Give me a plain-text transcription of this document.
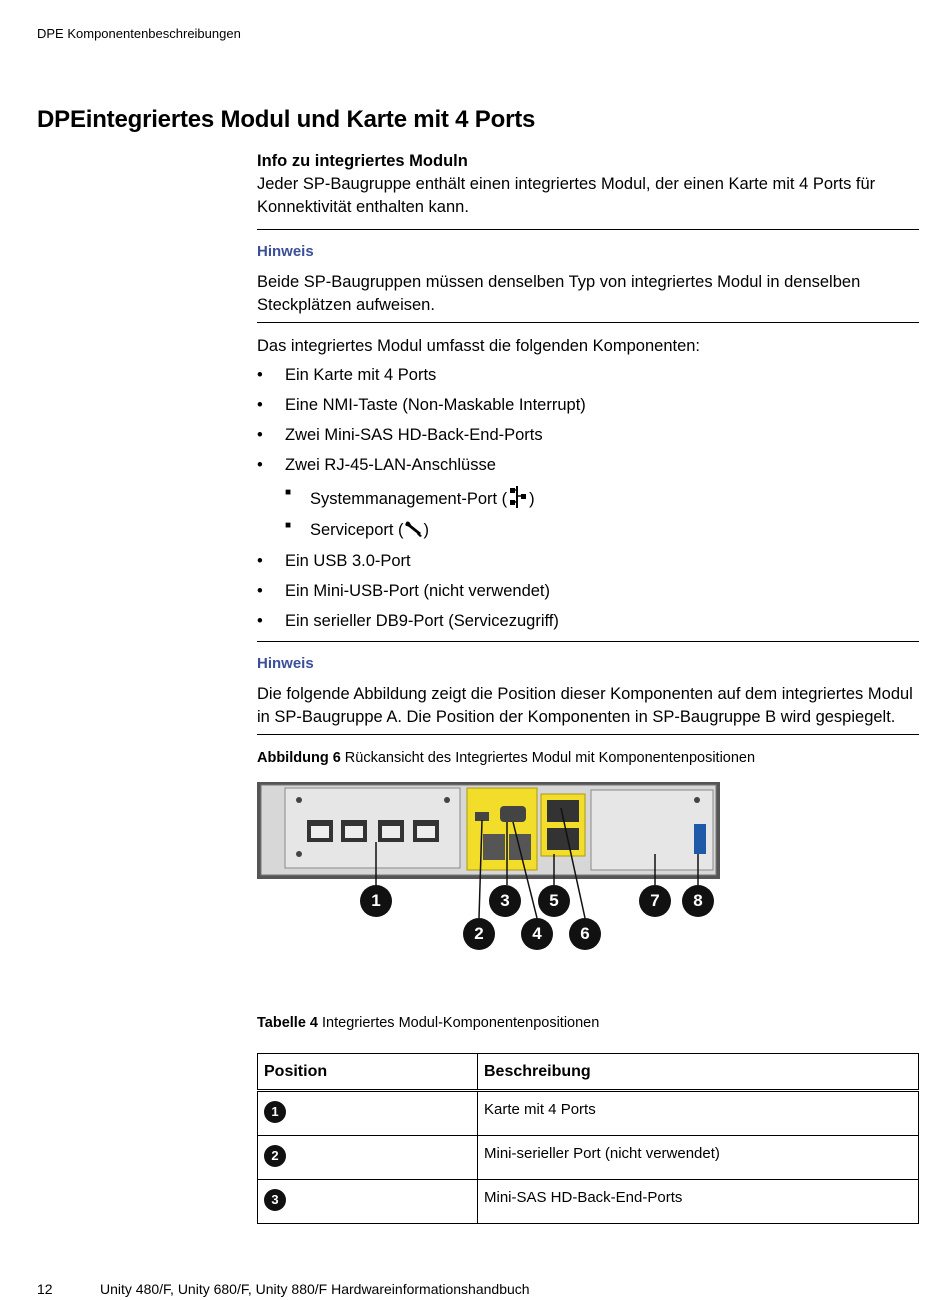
DPE Komponentenbeschreibungen
DPEintegriertes Modul und Karte mit 4 Ports
Info zu integriertes Moduln

Jeder SP-Baugruppe enthält einen integriertes Modul, der einen Karte mit 4 Ports für Konnektivität enthalten kann.

Hinweis

Beide SP-Baugruppen müssen denselben Typ von integriertes Modul in denselben Steckplätzen aufweisen.

Das integriertes Modul umfasst die folgenden Komponenten:

• Ein Karte mit 4 Ports
• Eine NMI-Taste (Non-Maskable Interrupt)
• Zwei Mini-SAS HD-Back-End-Ports
• Zwei RJ-45-LAN-Anschlüsse
■ Systemmanagement-Port ( )
■ Serviceport ( )
• Ein USB 3.0-Port
• Ein Mini-USB-Port (nicht verwendet)
• Ein serieller DB9-Port (Servicezugriff)
Hinweis

Die folgende Abbildung zeigt die Position dieser Komponenten auf dem integriertes Modul in SP-Baugruppe A. Die Position der Komponenten in SP-Baugruppe B wird gespiegelt.

Abbildung 6 Rückansicht des Integriertes Modul mit Komponentenpositionen
1
2
3
4
5
6
7	8
Tabelle 4 Integriertes Modul-Komponentenpositionen
Position	Beschreibung
1	Karte mit 4 Ports
2	Mini-serieller Port (nicht verwendet)
3	Mini-SAS HD-Back-End-Ports
12	Unity 480/F, Unity 680/F, Unity 880/F Hardwareinformationshandbuch
